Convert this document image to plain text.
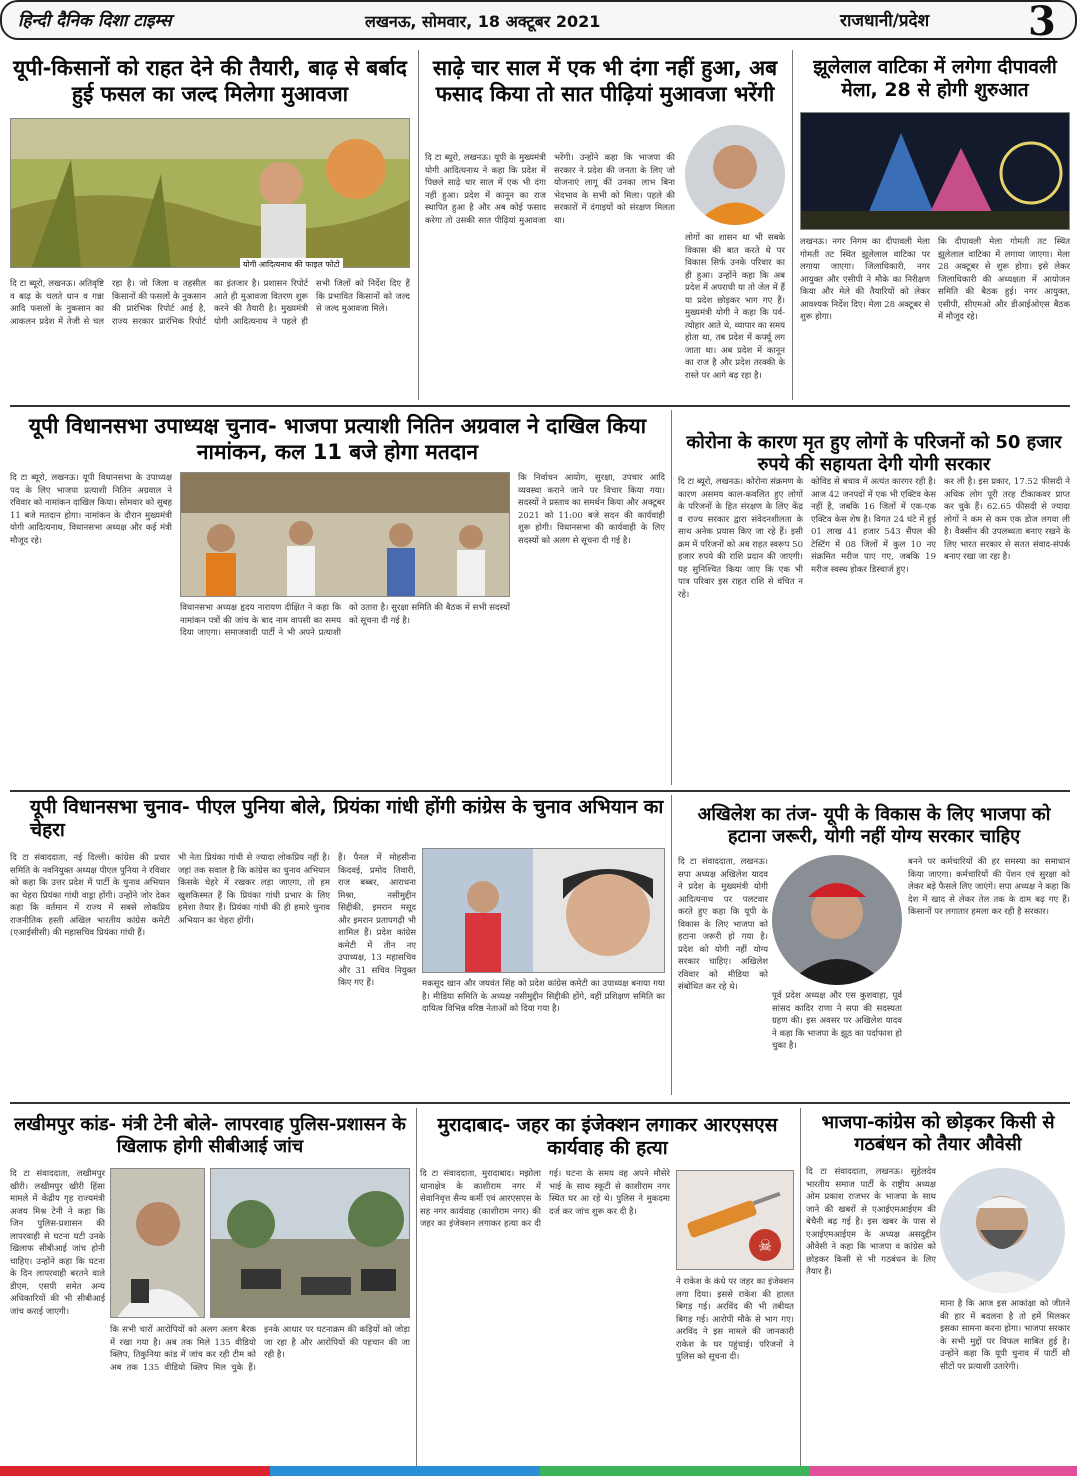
हिन्दी दैनिक दिशा टाइम्स	लखनऊ, सोमवार, 18 अक्टूबर 2021	राजधानी/प्रदेश 3
यूपी-किसानों को राहत देने की तैयारी, बाढ़ से बर्बाद हुई फसल का जल्द मिलेगा मुआवजा
योगी आदित्यनाथ की फाइल फोटो
दि टा ब्यूरो, लखनऊ। अतिवृष्टि व बाढ़ के चलते धान व गन्ना आदि फसलों के नुकसान का आकलन प्रदेश में तेजी से चल रहा है। जो जिला व तहसील किसानों की फसलों के नुकसान की प्रारंभिक रिपोर्ट आई है, राज्य सरकार प्रारंभिक रिपोर्ट का इंतजार है। प्रशासन रिपोर्ट आते ही मुआवजा वितरण शुरू करने की तैयारी है। मुख्यमंत्री योगी आदित्यनाथ ने पहले ही सभी जिलों को निर्देश दिए हैं कि प्रभावित किसानों को जल्द से जल्द मुआवजा मिले।
साढ़े चार साल में एक भी दंगा नहीं हुआ, अब फसाद किया तो सात पीढ़ियां मुआवजा भरेंगी
दि टा ब्यूरो, लखनऊ। यूपी के मुख्यमंत्री योगी आदित्यनाथ ने कहा कि प्रदेश में पिछले साढ़े चार साल में एक भी दंगा नहीं हुआ। प्रदेश में कानून का राज स्थापित हुआ है और अब कोई फसाद करेगा तो उसकी सात पीढ़ियां मुआवजा भरेंगी। उन्होंने कहा कि भाजपा की सरकार ने प्रदेश की जनता के लिए जो योजनाएं लागू कीं उनका लाभ बिना भेदभाव के सभी को मिला। पहले की सरकारों में दंगाइयों को संरक्षण मिलता था।
लोगों का शासन था भी सबके विकास की बात करते थे पर विकास सिर्फ उनके परिवार का ही हुआ। उन्होंने कहा कि अब प्रदेश में अपराधी या तो जेल में हैं या प्रदेश छोड़कर भाग गए हैं। मुख्यमंत्री योगी ने कहा कि पर्व-त्योहार आते थे, व्यापार का समय होता था, तब प्रदेश में कर्फ्यू लग जाता था। अब प्रदेश में कानून का राज है और प्रदेश तरक्की के रास्ते पर आगे बढ़ रहा है।
झूलेलाल वाटिका में लगेगा दीपावली मेला, 28 से होगी शुरुआत
लखनऊ। नगर निगम का दीपावली मेला गोमती तट स्थित झूलेलाल वाटिका पर लगाया जाएगा। जिलाधिकारी, नगर आयुक्त और एसीपी ने मौके का निरीक्षण किया और मेले की तैयारियों को लेकर आवश्यक निर्देश दिए। मेला 28 अक्टूबर से शुरू होगा।
कि दीपावली मेला गोमती तट स्थित झूलेलाल वाटिका में लगाया जाएगा। मेला 28 अक्टूबर से शुरू होगा। इसे लेकर जिलाधिकारी की अध्यक्षता में आयोजन समिति की बैठक हुई। नगर आयुक्त, एसीपी, सीएमओ और डीआईओएस बैठक में मौजूद रहे।
यूपी विधानसभा उपाध्यक्ष चुनाव- भाजपा प्रत्याशी नितिन अग्रवाल ने दाखिल किया नामांकन, कल 11 बजे होगा मतदान
दि टा ब्यूरो, लखनऊ। यूपी विधानसभा के उपाध्यक्ष पद के लिए भाजपा प्रत्याशी नितिन अग्रवाल ने रविवार को नामांकन दाखिल किया। सोमवार को सुबह 11 बजे मतदान होगा। नामांकन के दौरान मुख्यमंत्री योगी आदित्यनाथ, विधानसभा अध्यक्ष और कई मंत्री मौजूद रहे।
विधानसभा अध्यक्ष हृदय नारायण दीक्षित ने कहा कि नामांकन पत्रों की जांच के बाद नाम वापसी का समय दिया जाएगा। समाजवादी पार्टी ने भी अपने प्रत्याशी को उतारा है। सुरक्षा समिति की बैठक में सभी सदस्यों को सूचना दी गई है।
कि निर्वाचन आयोग, सुरक्षा, उपचार आदि व्यवस्था कराने जाने पर विचार किया गया। सदस्यों ने प्रस्ताव का समर्थन किया और अक्टूबर 2021 को 11:00 बजे सदन की कार्यवाही शुरू होगी। विधानसभा की कार्यवाही के लिए सदस्यों को अलग से सूचना दी गई है।
कोरोना के कारण मृत हुए लोगों के परिजनों को 50 हजार रुपये की सहायता देगी योगी सरकार
दि टा ब्यूरो, लखनऊ। कोरोना संक्रमण के कारण असमय काल-कवलित हुए लोगों के परिजनों के हित संरक्षण के लिए केंद्र व राज्य सरकार द्वारा संवेदनशीलता के साथ अनेक प्रयास किए जा रहे हैं। इसी क्रम में परिजनों को अब राहत स्वरूप 50 हजार रुपये की राशि प्रदान की जाएगी। यह सुनिश्चित किया जाए कि एक भी पात्र परिवार इस राहत राशि से वंचित न रहे।
कोविड से बचाव में अत्यंत कारगर रही है। आज 42 जनपदों में एक भी एक्टिव केस नहीं है, जबकि 16 जिलों में एक-एक एक्टिव केस शेष है। विगत 24 घंटे में हुई 01 लाख 41 हजार 543 सैंपल की टेस्टिंग में 08 जिलों में कुल 10 नए संक्रमित मरीज पाए गए, जबकि 19 मरीज स्वस्थ होकर डिस्चार्ज हुए।
कर ली है। इस प्रकार, 17.52 फीसदी ने अधिक लोग पूरी तरह टीकाकवर प्राप्त कर चुके हैं। 62.65 फीसदी से ज्यादा लोगों ने कम से कम एक डोज लगवा ली है। वैक्सीन की उपलब्धता बनाए रखने के लिए भारत सरकार से सतत संवाद-संपर्क बनाए रखा जा रहा है।
यूपी विधानसभा चुनाव- पीएल पुनिया बोले, प्रियंका गांधी होंगी कांग्रेस के चुनाव अभियान का चेहरा
दि टा संवाददाता, नई दिल्ली। कांग्रेस की प्रचार समिति के नवनियुक्त अध्यक्ष पीएल पुनिया ने रविवार को कहा कि उत्तर प्रदेश में पार्टी के चुनाव अभियान का चेहरा प्रियंका गांधी वाड्रा होंगी। उन्होंने जोर देकर कहा कि वर्तमान में राज्य में सबसे लोकप्रिय राजनीतिक हस्ती अखिल भारतीय कांग्रेस कमेटी (एआईसीसी) की महासचिव प्रियंका गांधी हैं।
भी नेता प्रियंका गांधी से ज्यादा लोकप्रिय नहीं है। जहां तक सवाल है कि कांग्रेस का चुनाव अभियान किसके चेहरे में रखकर लड़ा जाएगा, तो हम खुशकिस्मत हैं कि प्रियंका गांधी प्रभार के लिए हमेशा तैयार हैं। प्रियंका गांधी की ही हमारे चुनाव अभियान का चेहरा होंगी।
हैं। पैनल में मोहसीना किदवई, प्रमोद तिवारी, राज बब्बर, आराधना मिश्रा, नसीमुद्दीन सिद्दीकी, इमरान मसूद और इमरान प्रतापगढ़ी भी शामिल हैं। प्रदेश कांग्रेस कमेटी में तीन नए उपाध्यक्ष, 13 महासचिव और 31 सचिव नियुक्त किए गए हैं।	मकसूद खान और जयवंत सिंह को प्रदेश कांग्रेस कमेटी का उपाध्यक्ष बनाया गया है। मीडिया समिति के अध्यक्ष नसीमुद्दीन सिद्दीकी होंगे, वहीं प्रशिक्षण समिति का दायित्व विभिन्न वरिष्ठ नेताओं को दिया गया है।
अखिलेश का तंज- यूपी के विकास के लिए भाजपा को हटाना जरूरी, योगी नहीं योग्य सरकार चाहिए
दि टा संवाददाता, लखनऊ। सपा अध्यक्ष अखिलेश यादव ने प्रदेश के मुख्यमंत्री योगी आदित्यनाथ पर पलटवार करते हुए कहा कि यूपी के विकास के लिए भाजपा को हटाना जरूरी हो गया है। प्रदेश को योगी नहीं योग्य सरकार चाहिए। अखिलेश रविवार को मीडिया को संबोधित कर रहे थे।
पूर्व प्रदेश अध्यक्ष और एस कुशवाहा, पूर्व सांसद कादिर राणा ने सपा की सदस्यता ग्रहण की। इस अवसर पर अखिलेश यादव ने कहा कि भाजपा के झूठ का पर्दाफाश हो चुका है।
बनने पर कर्मचारियों की हर समस्या का समाधान किया जाएगा। कर्मचारियों की पेंशन एवं सुरक्षा को लेकर बड़े फैसले लिए जाएंगे। सपा अध्यक्ष ने कहा कि देश में खाद से लेकर तेल तक के दाम बढ़ गए हैं। किसानों पर लगातार हमला कर रही है सरकार।
लखीमपुर कांड- मंत्री टेनी बोले- लापरवाह पुलिस-प्रशासन के खिलाफ होगी सीबीआई जांच
दि टा संवाददाता, लखीमपुर खीरी। लखीमपुर खीरी हिंसा मामले में केंद्रीय गृह राज्यमंत्री अजय मिश्र टेनी ने कहा कि जिन पुलिस-प्रशासन की लापरवाही से घटना घटी उनके खिलाफ सीबीआई जांच होनी चाहिए। उन्होंने कहा कि घटना के दिन लापरवाही बरतने वाले डीएम, एसपी समेत अन्य अधिकारियों की भी सीबीआई जांच कराई जाएगी।
कि सभी चारों आरोपियों को अलग अलग बैरक में रखा गया है। अब तक मिले 135 वीडियो क्लिप, तिकुनिया कांड में जांच कर रही टीम को अब तक 135 वीडियो क्लिप मिल चुके हैं। इनके आधार पर घटनाक्रम की कड़ियों को जोड़ा जा रहा है और आरोपियों की पहचान की जा रही है।
मुरादाबाद- जहर का इंजेक्शन लगाकर आरएसएस कार्यवाह की हत्या
दि टा संवाददाता, मुरादाबाद। मझोला थानाक्षेत्र के काशीराम नगर में सेवानिवृत्त सैन्य कर्मी एवं आरएसएस के सह नगर कार्यवाह (काशीराम नगर) की जहर का इंजेक्शन लगाकर हत्या कर दी गई। घटना के समय वह अपने मौसेरे भाई के साथ स्कूटी से काशीराम नगर स्थित घर आ रहे थे। पुलिस ने मुकदमा दर्ज कर जांच शुरू कर दी है।
☠
ने राकेश के कंधे पर जहर का इंजेक्शन लगा दिया। इससे राकेश की हालत बिगड़ गई। अरविंद की भी तबीयत बिगड़ गई। आरोपी मौके से भाग गए। अरविंद ने इस मामले की जानकारी राकेश के घर पहुंचाई। परिजनों ने पुलिस को सूचना दी।
भाजपा-कांग्रेस को छोड़कर किसी से गठबंधन को तैयार औवेसी
दि टा संवाददाता, लखनऊ। सुहेलदेव भारतीय समाज पार्टी के राष्ट्रीय अध्यक्ष ओम प्रकाश राजभर के भाजपा के साथ जाने की खबरों से एआईएमआईएम की बेचैनी बढ़ गई है। इस खबर के पास से एआईएमआईएम के अध्यक्ष असदुद्दीन औवेसी ने कहा कि भाजपा व कांग्रेस को छोड़कर किसी से भी गठबंधन के लिए तैयार हैं।
माना है कि आज इस आकांक्षा को जीतने की हार में बदलना है तो हमें मिलकर इसका सामना करना होगा। भाजपा सरकार के सभी मुद्दों पर विफल साबित हुई है। उन्होंने कहा कि यूपी चुनाव में पार्टी सौ सीटों पर प्रत्याशी उतारेगी।
